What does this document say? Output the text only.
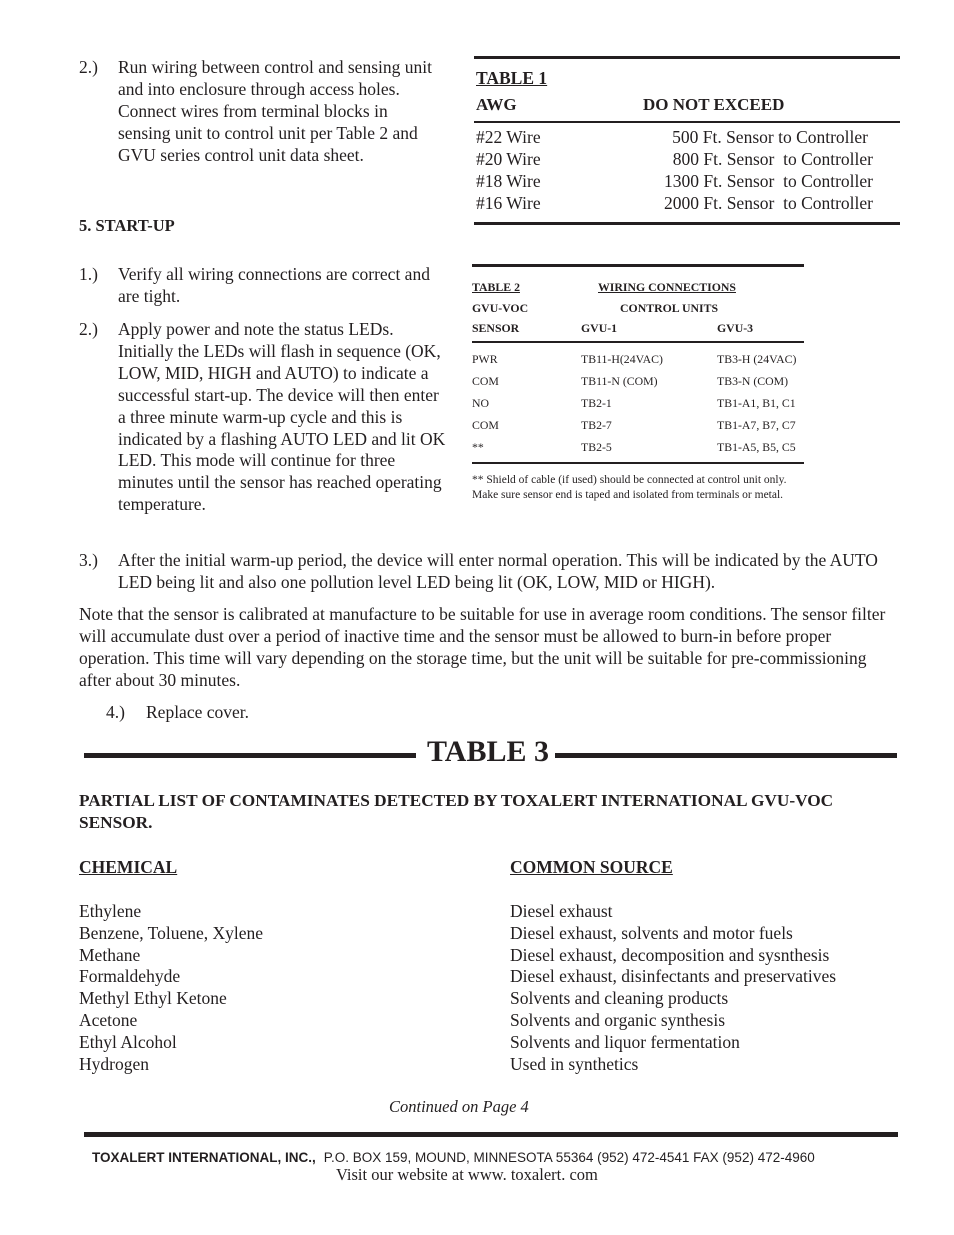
2.) Run wiring between control and sensing unit and into enclosure through access holes. Connect wires from terminal blocks in sensing unit to control unit per Table 2 and GVU series control unit data sheet.
5. START-UP
1.) Verify all wiring connections are correct and are tight.
2.) Apply power and note the status LEDs. Initially the LEDs will flash in sequence (OK, LOW, MID, HIGH and AUTO) to indicate a successful start-up. The device will then enter a three minute warm-up cycle and this is indicated by a flashing AUTO LED and lit OK LED. This mode will continue for three minutes until the sensor has reached operating temperature.
3.) After the initial warm-up period, the device will enter normal operation. This will be indicated by the AUTO LED being lit and also one pollution level LED being lit (OK, LOW, MID or HIGH).
Note that the sensor is calibrated at manufacture to be suitable for use in average room conditions. The sensor filter will accumulate dust over a period of inactive time and the sensor must be allowed to burn-in before proper operation. This time will vary depending on the storage time, but the unit will be suitable for pre-commissioning after about 30 minutes.
4.) Replace cover.
TABLE 1
AWG	DO NOT EXCEED
#22 Wire	500 Ft. Sensor to Controller
#20 Wire	800 Ft. Sensor  to Controller
#18 Wire	1300 Ft. Sensor  to Controller
#16 Wire	2000 Ft. Sensor  to Controller
TABLE 2	WIRING CONNECTIONS
GVU-VOC	CONTROL UNITS
SENSOR	GVU-1	GVU-3
PWR	TB11-H(24VAC)	TB3-H (24VAC)
COM	TB11-N (COM)	TB3-N (COM)
NO	TB2-1	TB1-A1, B1, C1
COM	TB2-7	TB1-A7, B7, C7
**	TB2-5	TB1-A5, B5, C5
** Shield of cable (if used) should be connected at control unit only.
Make sure sensor end is taped and isolated from terminals or metal.
TABLE 3
PARTIAL LIST OF CONTAMINATES DETECTED BY TOXALERT INTERNATIONAL GVU-VOC SENSOR.
CHEMICAL	COMMON SOURCE
Ethylene	Diesel exhaust
Benzene, Toluene, Xylene	Diesel exhaust, solvents and motor fuels
Methane	Diesel exhaust, decomposition and sysnthesis
Formaldehyde	Diesel exhaust, disinfectants and preservatives
Methyl Ethyl Ketone	Solvents and cleaning products
Acetone	Solvents and organic synthesis
Ethyl Alcohol	Solvents and liquor fermentation
Hydrogen	Used in synthetics
Continued on Page 4
TOXALERT INTERNATIONAL, INC., P.O. BOX 159, MOUND, MINNESOTA 55364 (952) 472-4541 FAX (952) 472-4960
Visit our website at www. toxalert. com
